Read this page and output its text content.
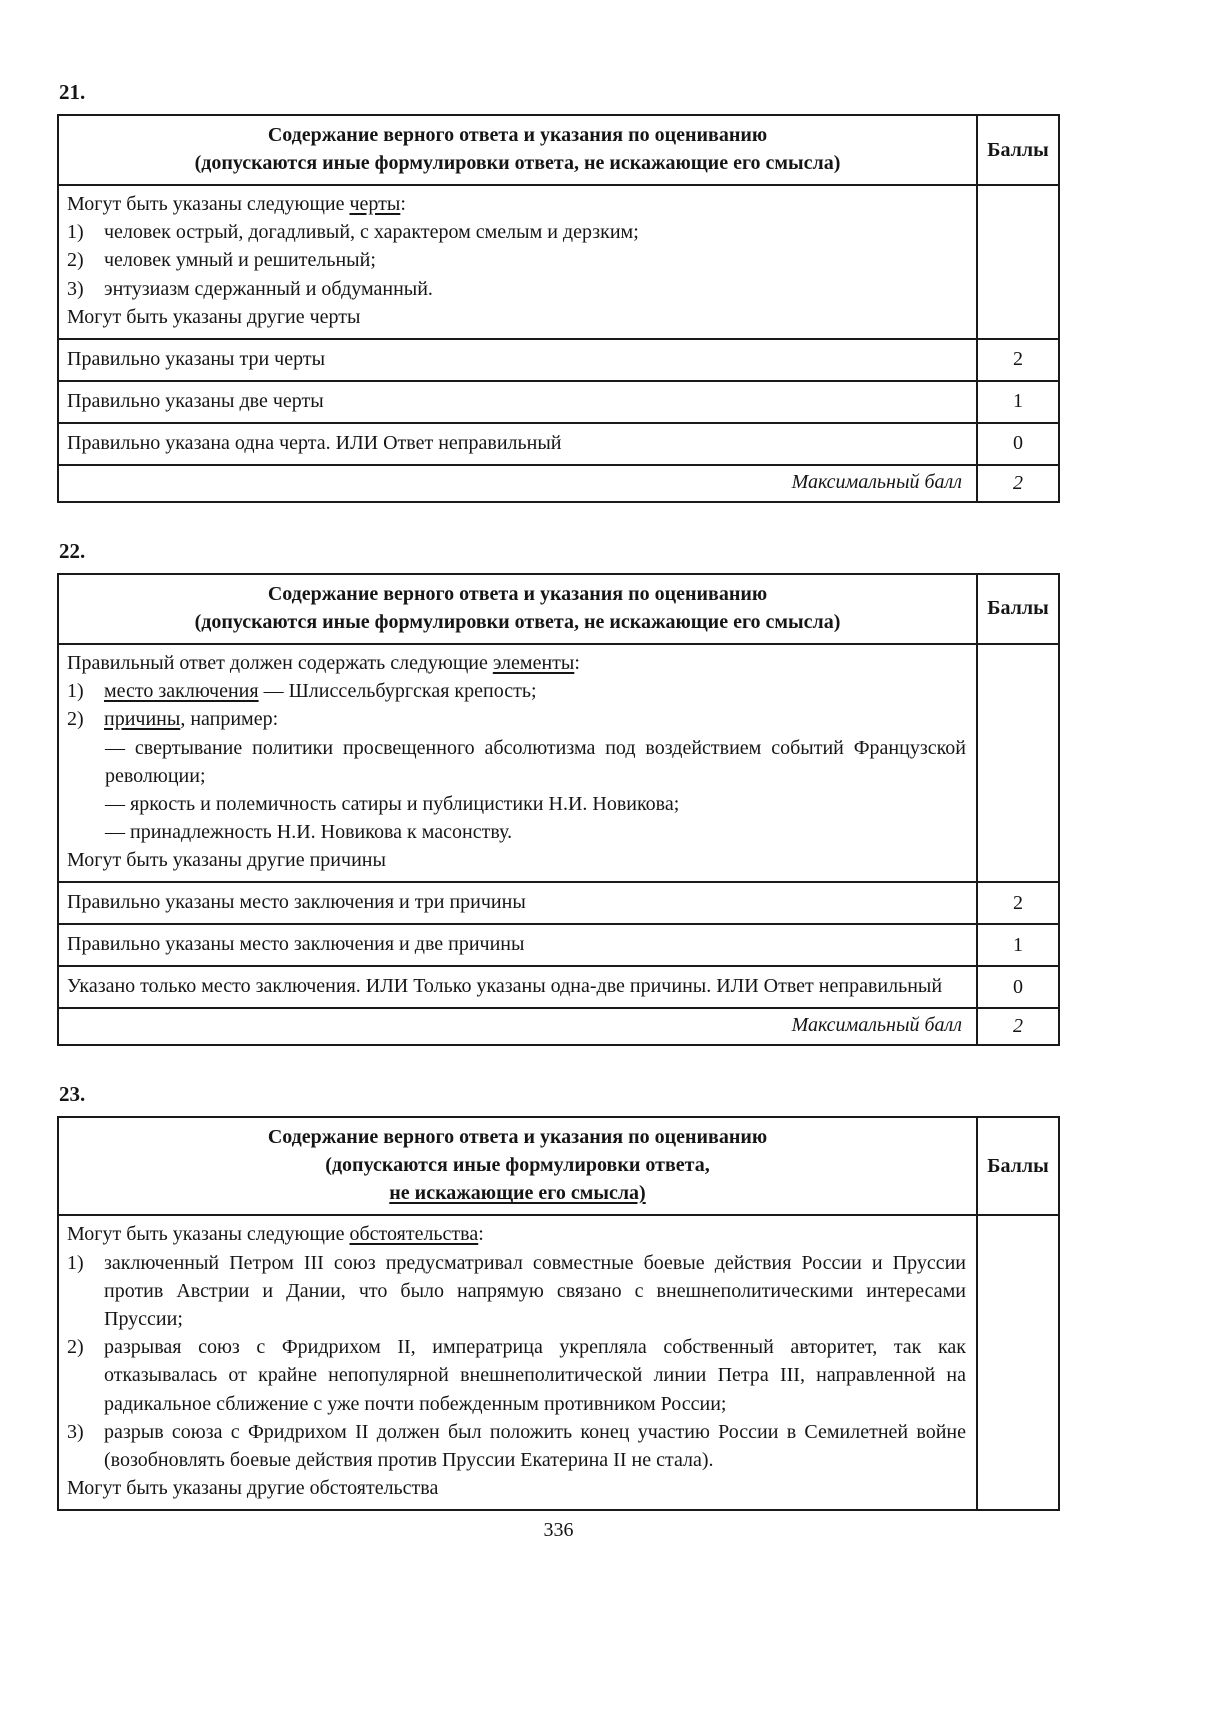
21.
Содержание верного ответа и указания по оцениванию
(допускаются иные формулировки ответа, не искажающие его смысла)	Баллы

Могут быть указаны следующие черты:

1) человек острый, догадливый, с характером смелым и дерзким;

2) человек умный и решительный;

3) энтузиазм сдержанный и обдуманный.

Могут быть указаны другие черты	

Правильно указаны три черты	2
Правильно указаны две черты	1
Правильно указана одна черта. ИЛИ Ответ неправильный	0
Максимальный балл	2
22.
Содержание верного ответа и указания по оцениванию
(допускаются иные формулировки ответа, не искажающие его смысла)	Баллы

Правильный ответ должен содержать следующие элементы:

1) место заключения — Шлиссельбургская крепость;

2) причины, например:

— свертывание политики просвещенного абсолютизма под воздействием событий Французской революции;

— яркость и полемичность сатиры и публицистики Н.И. Новикова;

— принадлежность Н.И. Новикова к масонству.

Могут быть указаны другие причины

Правильно указаны место заключения и три причины	2
Правильно указаны место заключения и две причины	1
Указано только место заключения. ИЛИ Только указаны одна-две причины. ИЛИ Ответ неправильный	0
Максимальный балл	2
23.
Содержание верного ответа и указания по оцениванию
(допускаются иные формулировки ответа,
не искажающие его смысла)	Баллы

Могут быть указаны следующие обстоятельства:

1) заключенный Петром III союз предусматривал совместные боевые действия России и Пруссии против Австрии и Дании, что было напрямую связано с внешнеполитическими интересами Пруссии;

2) разрывая союз с Фридрихом II, императрица укрепляла собственный авторитет, так как отказывалась от крайне непопулярной внешнеполитической линии Петра III, направленной на радикальное сближение с уже почти побежденным противником России;

3) разрыв союза с Фридрихом II должен был положить конец участию России в Семилетней войне (возобновлять боевые действия против Пруссии Екатерина II не стала).

Могут быть указаны другие обстоятельства	

336
